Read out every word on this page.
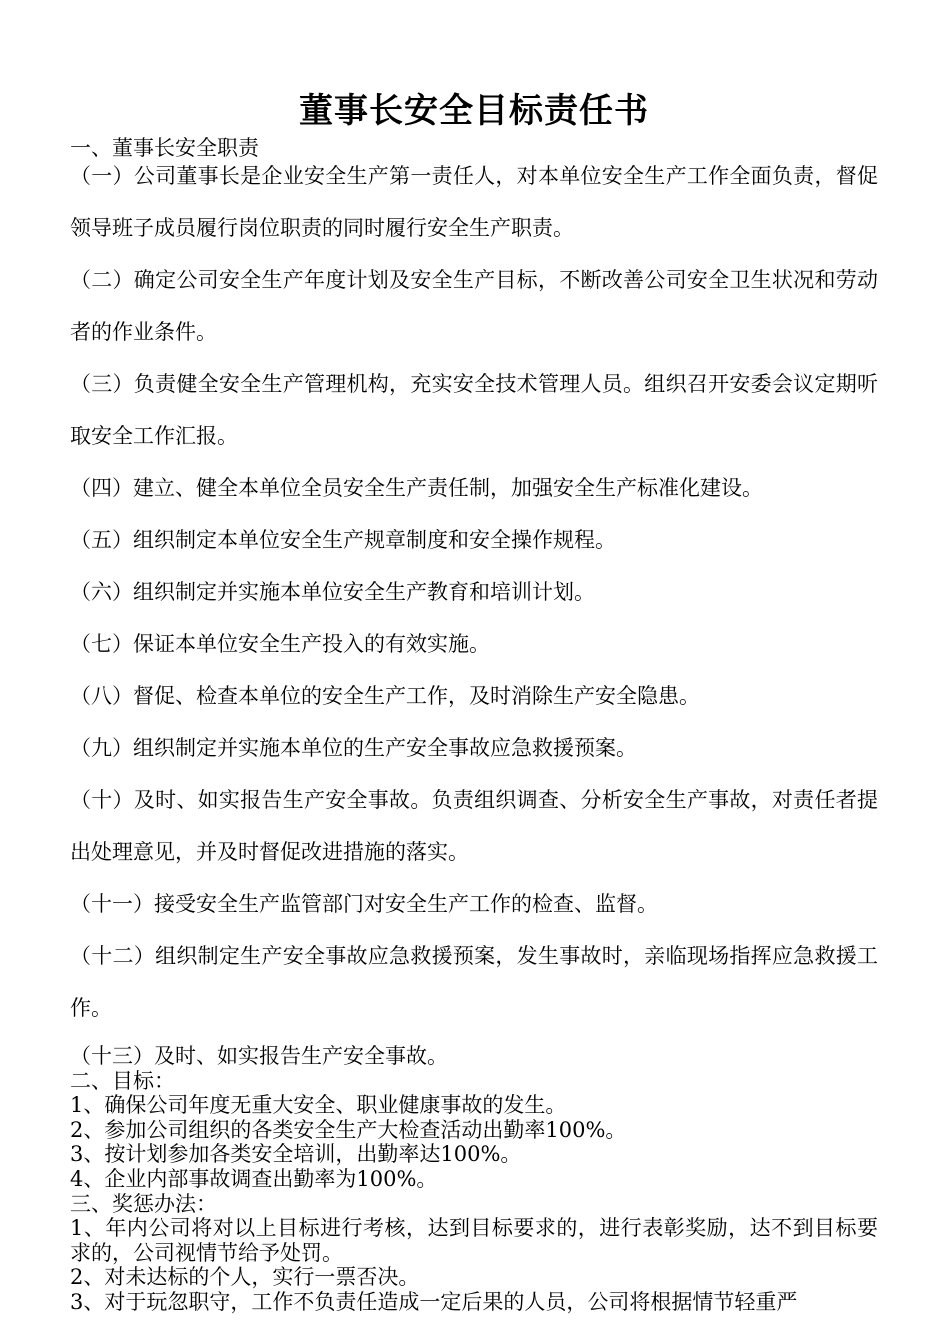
董事长安全目标责任书

一、董事长安全职责

（一）公司董事长是企业安全生产第一责任人，对本单位安全生产工作全面负责，督促领导班子成员履行岗位职责的同时履行安全生产职责。

（二）确定公司安全生产年度计划及安全生产目标，不断改善公司安全卫生状况和劳动者的作业条件。

（三）负责健全安全生产管理机构，充实安全技术管理人员。组织召开安委会议定期听取安全工作汇报。

（四）建立、健全本单位全员安全生产责任制，加强安全生产标准化建设。

（五）组织制定本单位安全生产规章制度和安全操作规程。

（六）组织制定并实施本单位安全生产教育和培训计划。

（七）保证本单位安全生产投入的有效实施。

（八）督促、检查本单位的安全生产工作，及时消除生产安全隐患。

（九）组织制定并实施本单位的生产安全事故应急救援预案。

（十）及时、如实报告生产安全事故。负责组织调查、分析安全生产事故，对责任者提出处理意见，并及时督促改进措施的落实。

（十一）接受安全生产监管部门对安全生产工作的检查、监督。

（十二）组织制定生产安全事故应急救援预案，发生事故时，亲临现场指挥应急救援工作。

（十三）及时、如实报告生产安全事故。

二、目标：

1、确保公司年度无重大安全、职业健康事故的发生。

2、参加公司组织的各类安全生产大检查活动出勤率100%。

3、按计划参加各类安全培训，出勤率达100%。

4、企业内部事故调查出勤率为100%。

三、奖惩办法：

1、年内公司将对以上目标进行考核，达到目标要求的，进行表彰奖励，达不到目标要求的，公司视情节给予处罚。

2、对未达标的个人，实行一票否决。

3、对于玩忽职守，工作不负责任造成一定后果的人员，公司将根据情节轻重严
